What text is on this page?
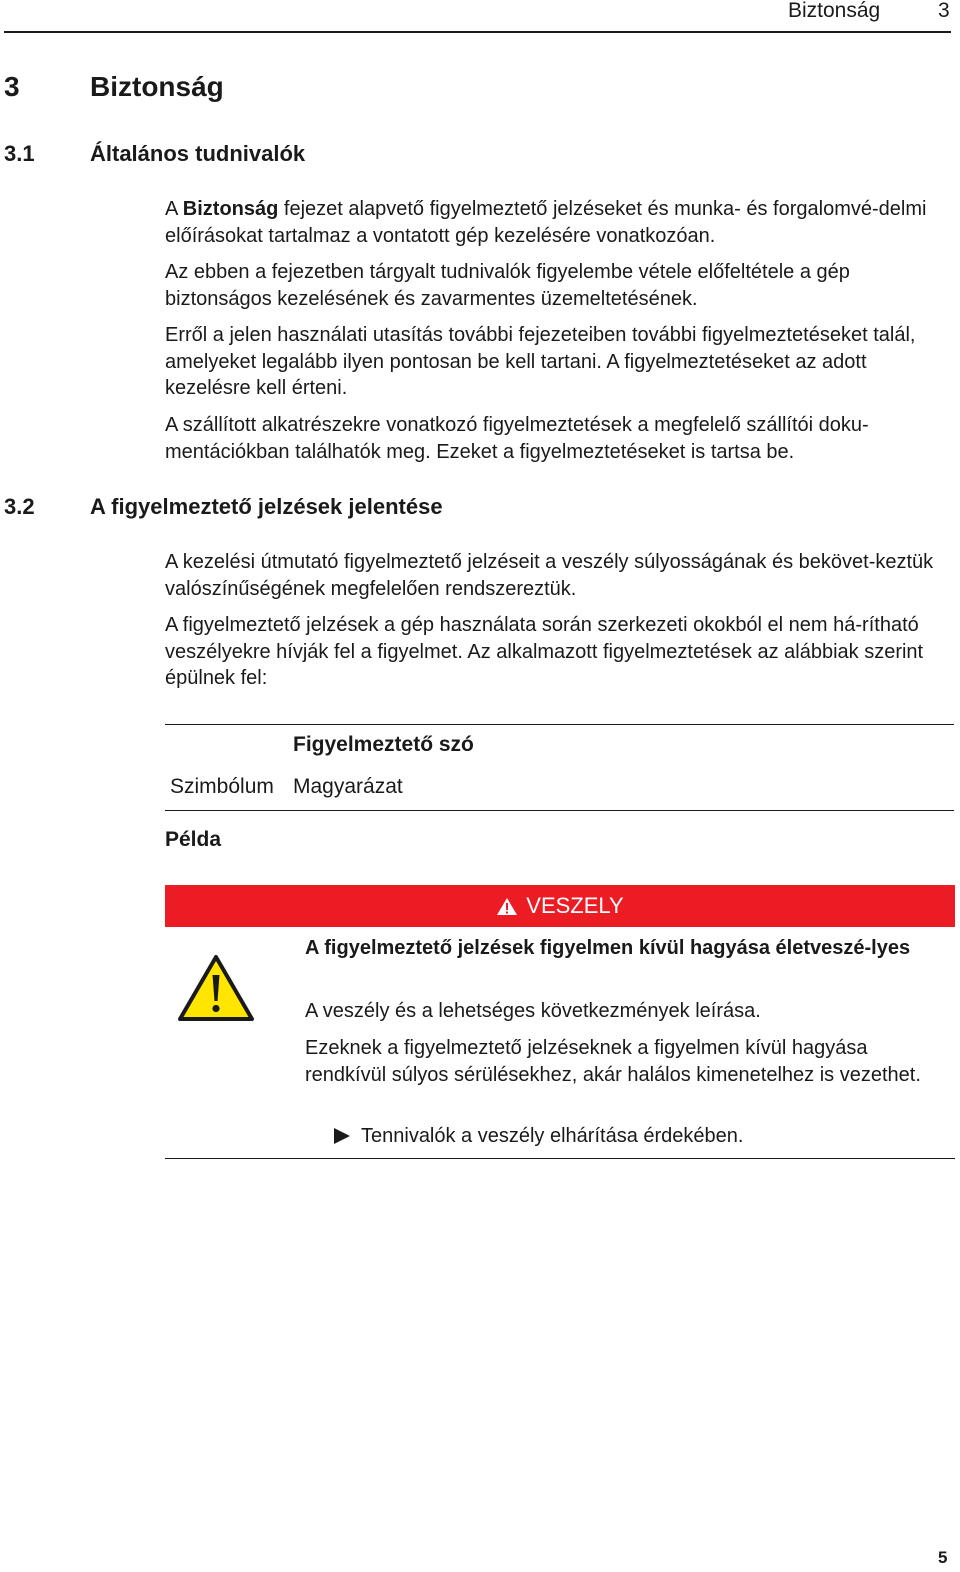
Biztonság	3
3	Biztonság
3.1	Általános tudnivalók

A Biztonság fejezet alapvető figyelmeztető jelzéseket és munka- és forgalomvé-delmi előírásokat tartalmaz a vontatott gép kezelésére vonatkozóan.

Az ebben a fejezetben tárgyalt tudnivalók figyelembe vétele előfeltétele a gép biztonságos kezelésének és zavarmentes üzemeltetésének.

Erről a jelen használati utasítás további fejezeteiben további figyelmeztetéseket talál, amelyeket legalább ilyen pontosan be kell tartani. A figyelmeztetéseket az adott kezelésre kell érteni.

A szállított alkatrészekre vonatkozó figyelmeztetések a megfelelő szállítói doku-mentációkban találhatók meg. Ezeket a figyelmeztetéseket is tartsa be.

3.2	A figyelmeztető jelzések jelentése

A kezelési útmutató figyelmeztető jelzéseit a veszély súlyosságának és bekövet-keztük valószínűségének megfelelően rendszereztük.

A figyelmeztető jelzések a gép használata során szerkezeti okokból el nem há-rítható veszélyekre hívják fel a figyelmet. Az alkalmazott figyelmeztetések az alábbiak szerint épülnek fel:

Figyelmeztető szó
Szimbólum Magyarázat
Példa
VESZELY

A figyelmeztető jelzések figyelmen kívül hagyása életveszé-lyes

A veszély és a lehetséges következmények leírása.

Ezeknek a figyelmeztető jelzéseknek a figyelmen kívül hagyása rendkívül súlyos sérülésekhez, akár halálos kimenetelhez is vezethet.

Tennivalók a veszély elhárítása érdekében.
5
